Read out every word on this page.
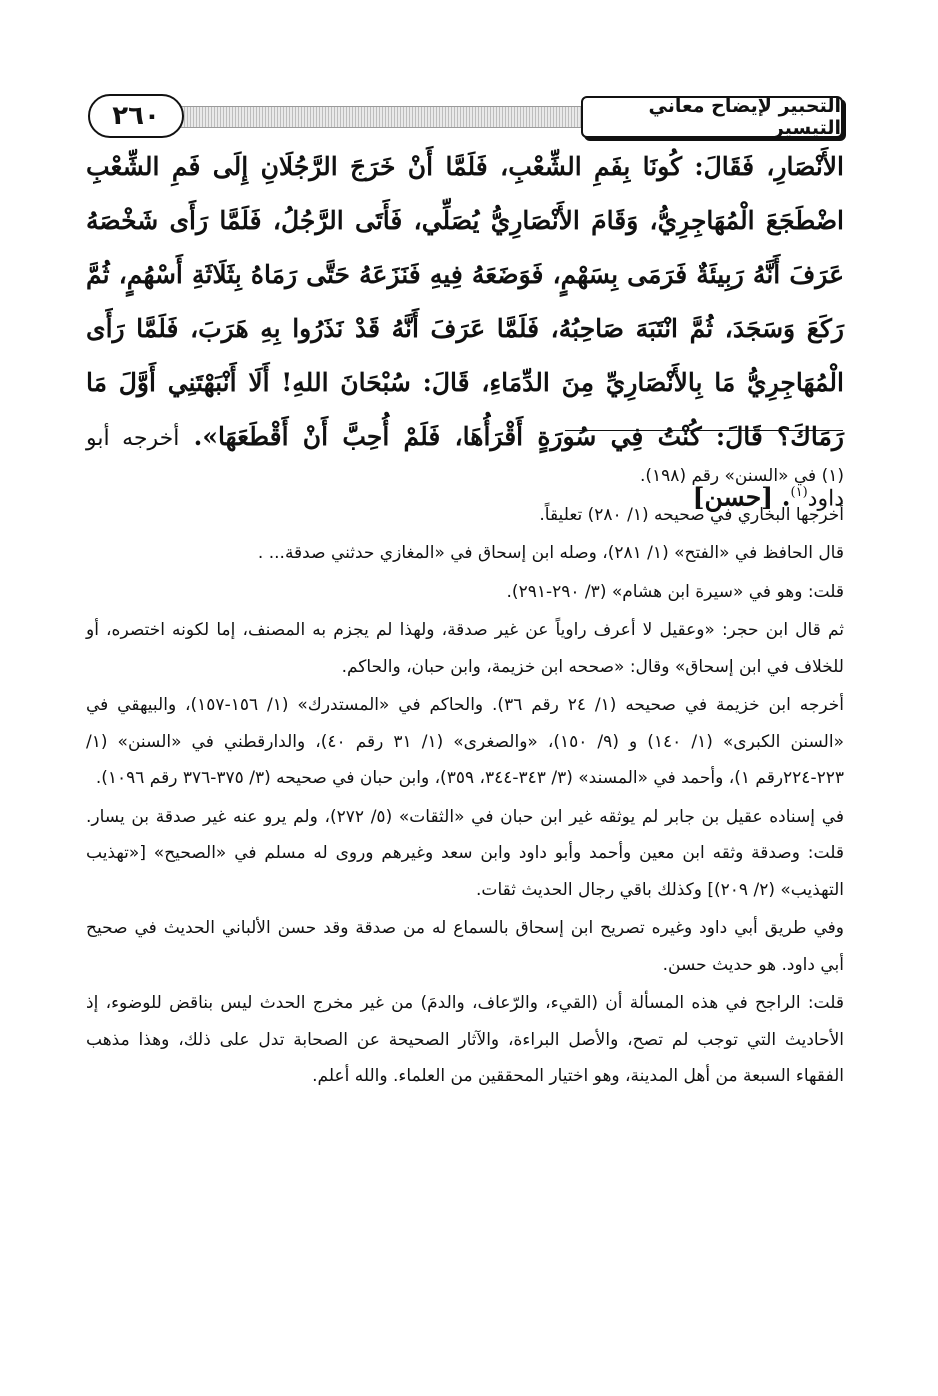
التحبير لإيضاح معاني التيسير
٢٦٠

الأَنْصَارِ، فَقَالَ: كُونَا بِفَمِ الشِّعْبِ، فَلَمَّا أَنْ خَرَجَ الرَّجُلَانِ إِلَى فَمِ الشِّعْبِ اضْطَجَعَ الْمُهَاجِرِيُّ، وَقَامَ الأَنْصَارِيُّ يُصَلِّي، فَأَتَى الرَّجُلُ، فَلَمَّا رَأَى شَخْصَهُ عَرَفَ أَنَّهُ رَبِيئَةٌ فَرَمَى بِسَهْمٍ، فَوَضَعَهُ فِيهِ فَنَزَعَهُ حَتَّى رَمَاهُ بِثَلَاثَةِ أَسْهُمٍ، ثُمَّ رَكَعَ وَسَجَدَ، ثُمَّ انْتَبَهَ صَاحِبُهُ، فَلَمَّا عَرَفَ أَنَّهُ قَدْ نَذَرُوا بِهِ هَرَبَ، فَلَمَّا رَأَى الْمُهَاجِرِيُّ مَا بِالأَنْصَارِيِّ مِنَ الدِّمَاءِ، قَالَ: سُبْحَانَ اللهِ! أَلَا أَنْبَهْتَنِي أَوَّلَ مَا رَمَاكَ؟ قَالَ: كُنْتُ فِي سُورَةٍ أَقْرَأُهَا، فَلَمْ أُحِبَّ أَنْ أَقْطَعَهَا». أخرجه أبو داود$^{(١)}$. [حسن]

(١) في «السنن» رقم (١٩٨).

أخرجها البخاري في صحيحه (١/ ٢٨٠) تعليقاً.

قال الحافظ في «الفتح» (١/ ٢٨١)، وصله ابن إسحاق في «المغازي حدثني صدقة... .

قلت: وهو في «سيرة ابن هشام» (٣/ ٢٩٠-٢٩١).

ثم قال ابن حجر: «وعقيل لا أعرف راوياً عن غير صدقة، ولهذا لم يجزم به المصنف، إما لكونه اختصره، أو للخلاف في ابن إسحاق» وقال: «صححه ابن خزيمة، وابن حبان، والحاكم.

أخرجه ابن خزيمة في صحيحه (١/ ٢٤ رقم ٣٦). والحاكم في «المستدرك» (١/ ١٥٦-١٥٧)، والبيهقي في «السنن الكبرى» (١/ ١٤٠) و (٩/ ١٥٠)، «والصغرى» (١/ ٣١ رقم ٤٠)، والدارقطني في «السنن» (١/ ٢٢٣-٢٢٤رقم ١)، وأحمد في «المسند» (٣/ ٣٤٣-٣٤٤، ٣٥٩)، وابن حبان في صحيحه (٣/ ٣٧٥-٣٧٦ رقم ١٠٩٦).

في إسناده عقيل بن جابر لم يوثقه غير ابن حبان في «الثقات» (٥/ ٢٧٢)، ولم يرو عنه غير صدقة بن يسار. قلت: وصدقة وثقه ابن معين وأحمد وأبو داود وابن سعد وغيرهم وروى له مسلم في «الصحيح» [«تهذيب التهذيب» (٢/ ٢٠٩)] وكذلك باقي رجال الحديث ثقات.

وفي طريق أبي داود وغيره تصريح ابن إسحاق بالسماع له من صدقة وقد حسن الألباني الحديث في صحيح أبي داود. هو حديث حسن.

قلت: الراجح في هذه المسألة أن (القيء، والرّعاف، والدمَ) من غير مخرج الحدث ليس بناقض للوضوء، إذ الأحاديث التي توجب لم تصح، والأصل البراءة، والآثار الصحيحة عن الصحابة تدل على ذلك، وهذا مذهب الفقهاء السبعة من أهل المدينة، وهو اختيار المحققين من العلماء. والله أعلم.
